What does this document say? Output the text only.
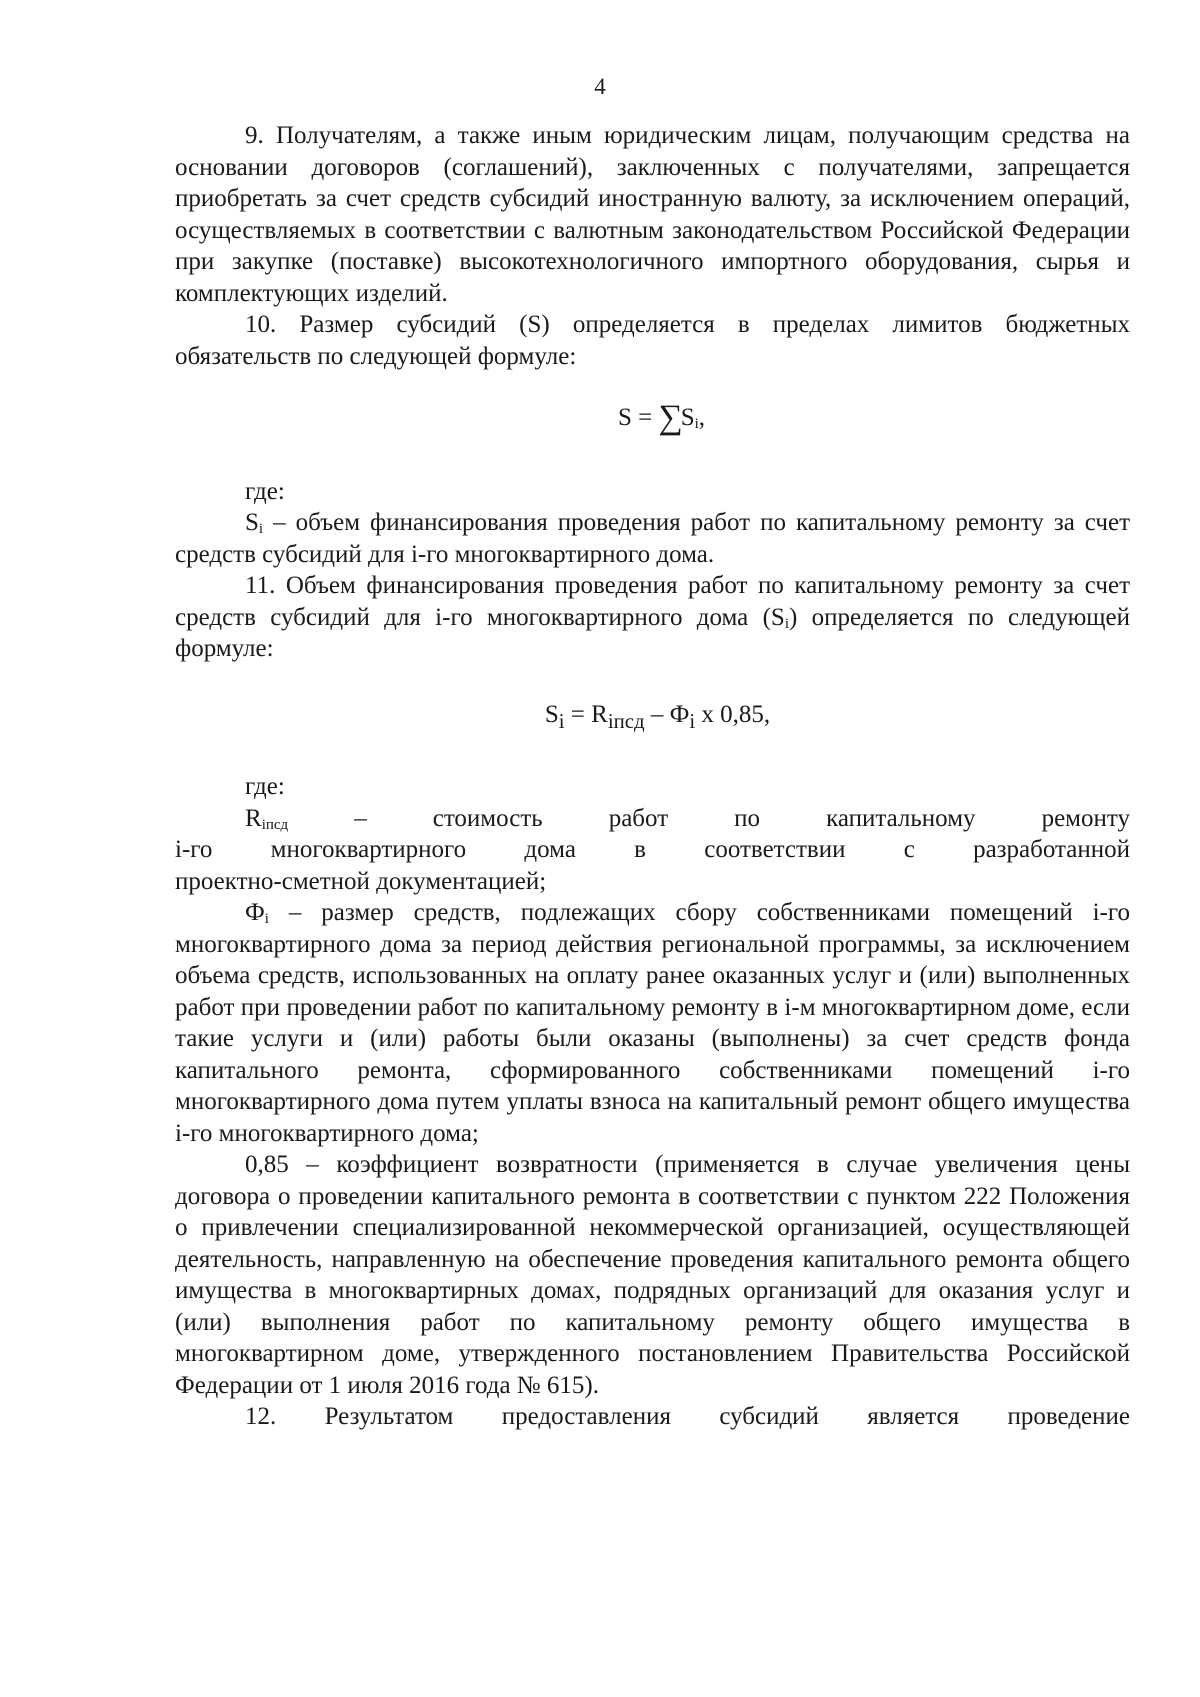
4

9. Получателям, а также иным юридическим лицам, получающим средства на основании договоров (соглашений), заключенных с получателями, запрещается приобретать за счет средств субсидий иностранную валюту, за исключением операций, осуществляемых в соответствии с валютным законодательством Российской Федерации при закупке (поставке) высокотехнологичного импортного оборудования, сырья и комплектующих изделий.

10. Размер субсидий (S) определяется в пределах лимитов бюджетных обязательств по следующей формуле:

$S = \sum S_i$,

где:

$S_i$ – объем финансирования проведения работ по капитальному ремонту за счет средств субсидий для i-го многоквартирного дома.

11. Объем финансирования проведения работ по капитальному ремонту за счет средств субсидий для i-го многоквартирного дома $(S_i)$ определяется по следующей формуле:

$S_i = R_{iпсд} - Ф_i$ х 0,85,

где:

$R_{iпсд}$	–	стоимость	работ	по	капитальному	ремонту

i-го многоквартирного дома в соответствии с разработанной

проектно-сметной документацией;

$Ф_i$ – размер средств, подлежащих сбору собственниками помещений i-го многоквартирного дома за период действия региональной программы, за исключением объема средств, использованных на оплату ранее оказанных услуг и (или) выполненных работ при проведении работ по капитальному ремонту в i-м многоквартирном доме, если такие услуги и (или) работы были оказаны (выполнены) за счет средств фонда капитального ремонта, сформированного собственниками помещений i-го многоквартирного дома путем уплаты взноса на капитальный ремонт общего имущества i-го многоквартирного дома;

0,85 – коэффициент возвратности (применяется в случае увеличения цены договора о проведении капитального ремонта в соответствии с пунктом 222 Положения о привлечении специализированной некоммерческой организацией, осуществляющей деятельность, направленную на обеспечение проведения капитального ремонта общего имущества в многоквартирных домах, подрядных организаций для оказания услуг и (или) выполнения работ по капитальному ремонту общего имущества в многоквартирном доме, утвержденного постановлением Правительства Российской Федерации от 1 июля 2016 года № 615).

12. Результатом предоставления субсидий является проведение
